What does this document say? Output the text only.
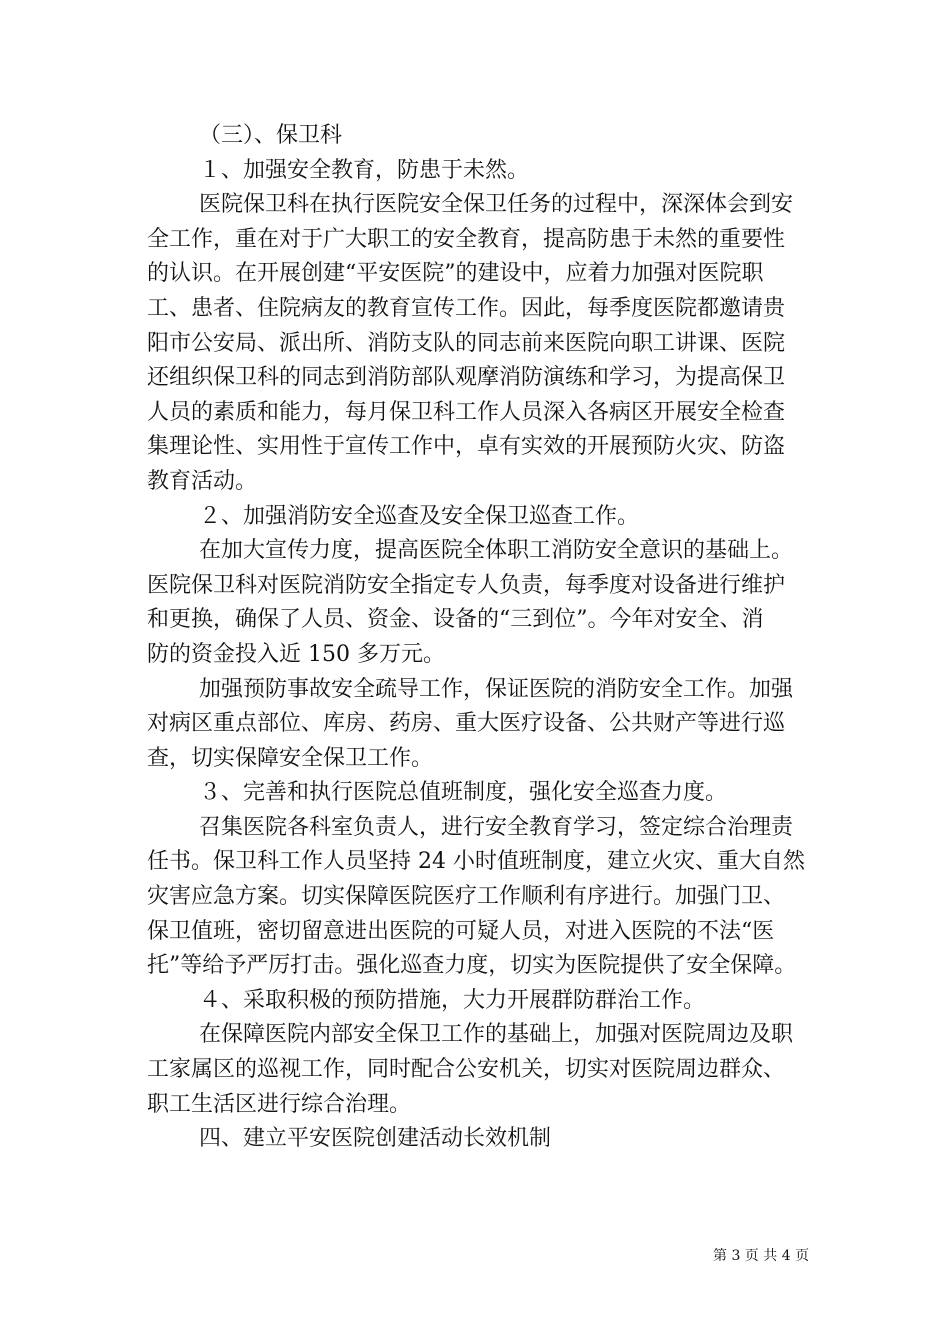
（三）、保卫科
１、加强安全教育，防患于未然。
医院保卫科在执行医院安全保卫任务的过程中，深深体会到安
全工作，重在对于广大职工的安全教育，提高防患于未然的重要性
的认识。在开展创建“平安医院”的建设中，应着力加强对医院职
工、患者、住院病友的教育宣传工作。因此，每季度医院都邀请贵
阳市公安局、派出所、消防支队的同志前来医院向职工讲课、医院
还组织保卫科的同志到消防部队观摩消防演练和学习，为提高保卫
人员的素质和能力，每月保卫科工作人员深入各病区开展安全检查
集理论性、实用性于宣传工作中，卓有实效的开展预防火灾、防盗
教育活动。
２、加强消防安全巡查及安全保卫巡查工作。
在加大宣传力度，提高医院全体职工消防安全意识的基础上。
医院保卫科对医院消防安全指定专人负责，每季度对设备进行维护
和更换，确保了人员、资金、设备的“三到位”。今年对安全、消
防的资金投入近 150 多万元。
加强预防事故安全疏导工作，保证医院的消防安全工作。加强
对病区重点部位、库房、药房、重大医疗设备、公共财产等进行巡
查，切实保障安全保卫工作。
３、完善和执行医院总值班制度，强化安全巡查力度。
召集医院各科室负责人，进行安全教育学习，签定综合治理责
任书。保卫科工作人员坚持 24 小时值班制度，建立火灾、重大自然
灾害应急方案。切实保障医院医疗工作顺利有序进行。加强门卫、
保卫值班，密切留意进出医院的可疑人员，对进入医院的不法“医
托”等给予严厉打击。强化巡查力度，切实为医院提供了安全保障。
４、采取积极的预防措施，大力开展群防群治工作。
在保障医院内部安全保卫工作的基础上，加强对医院周边及职
工家属区的巡视工作，同时配合公安机关，切实对医院周边群众、
职工生活区进行综合治理。
四、建立平安医院创建活动长效机制
第 3 页 共 4 页
